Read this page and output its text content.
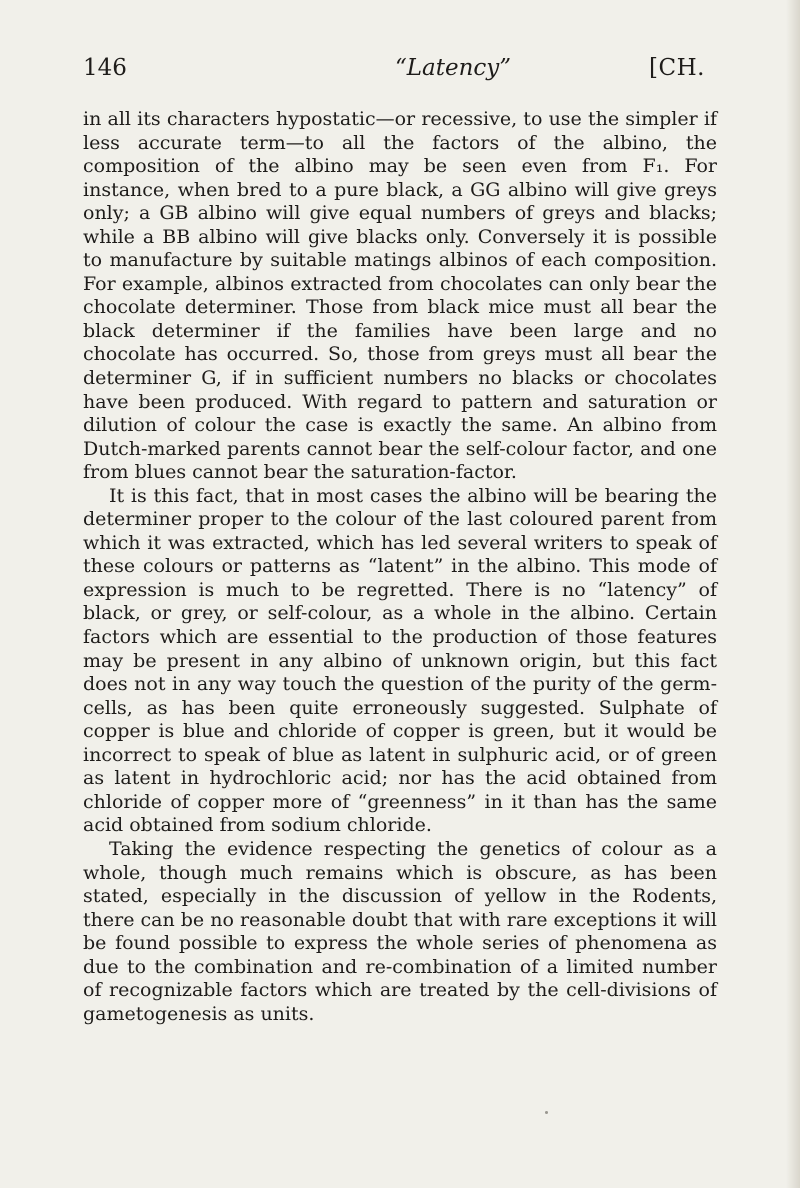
146	“Latency”	[CH.

in all its characters hypostatic—or recessive, to use the simpler if less accurate term—to all the factors of the albino, the composition of the albino may be seen even from F₁. For instance, when bred to a pure black, a GG albino will give greys only; a GB albino will give equal numbers of greys and blacks; while a BB albino will give blacks only. Conversely it is possible to manufacture by suitable matings albinos of each composition. For example, albinos extracted from chocolates can only bear the chocolate determiner. Those from black mice must all bear the black determiner if the families have been large and no chocolate has occurred. So, those from greys must all bear the determiner G, if in sufficient numbers no blacks or chocolates have been produced. With regard to pattern and saturation or dilution of colour the case is exactly the same. An albino from Dutch-marked parents cannot bear the self-colour factor, and one from blues cannot bear the saturation-factor.

It is this fact, that in most cases the albino will be bearing the determiner proper to the colour of the last coloured parent from which it was extracted, which has led several writers to speak of these colours or patterns as “latent” in the albino. This mode of expression is much to be regretted. There is no “latency” of black, or grey, or self-colour, as a whole in the albino. Certain factors which are essential to the production of those features may be present in any albino of unknown origin, but this fact does not in any way touch the question of the purity of the germ-cells, as has been quite erroneously suggested. Sulphate of copper is blue and chloride of copper is green, but it would be incorrect to speak of blue as latent in sulphuric acid, or of green as latent in hydrochloric acid; nor has the acid obtained from chloride of copper more of “greenness” in it than has the same acid obtained from sodium chloride.

Taking the evidence respecting the genetics of colour as a whole, though much remains which is obscure, as has been stated, especially in the discussion of yellow in the Rodents, there can be no reasonable doubt that with rare exceptions it will be found possible to express the whole series of phenomena as due to the combination and re-combination of a limited number of recognizable factors which are treated by the cell-divisions of gametogenesis as units.
